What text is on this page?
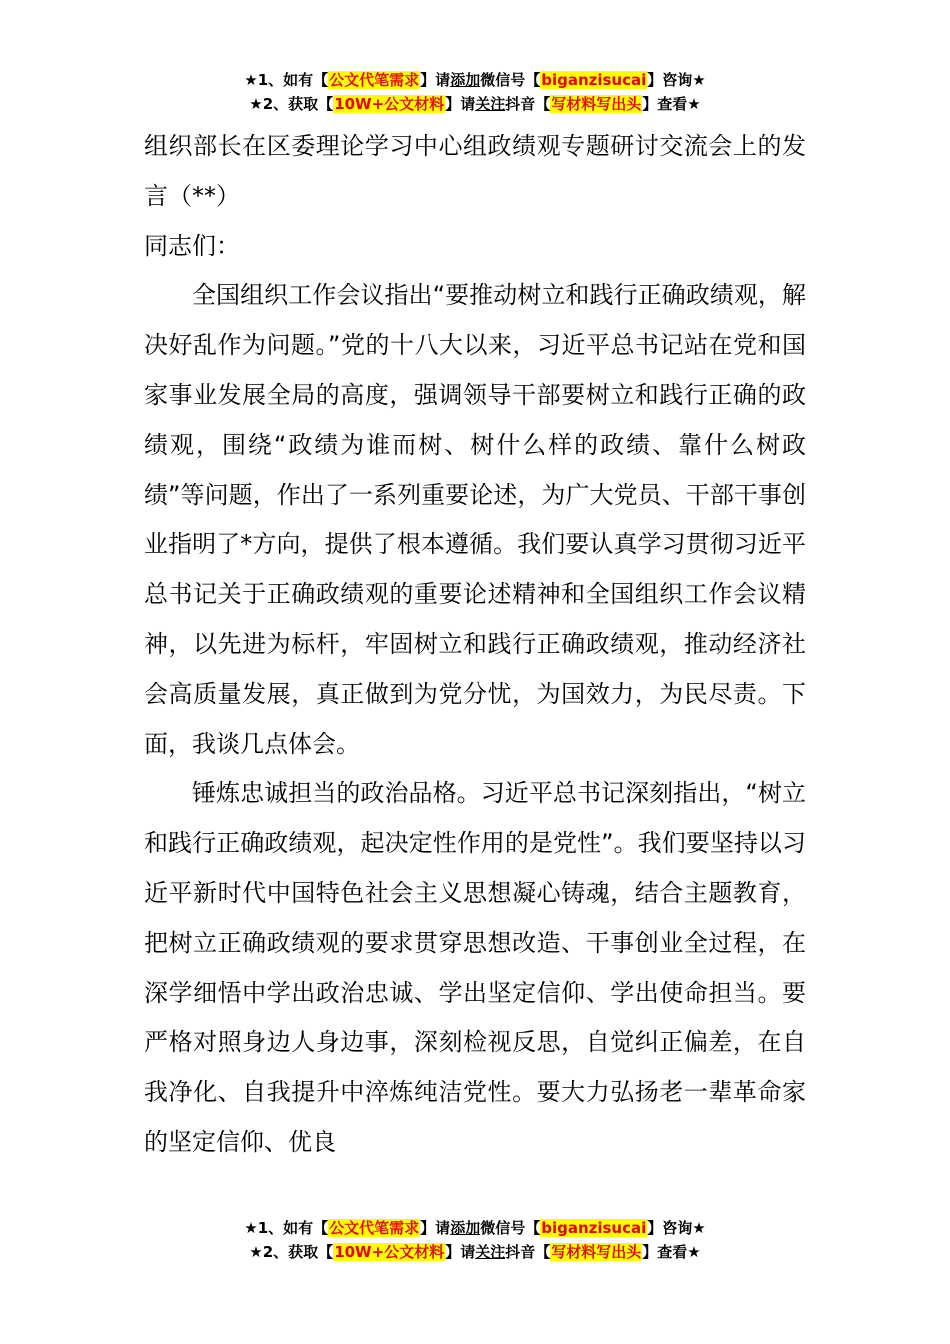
★1、如有【公文代笔需求】请添加微信号【biganzisucai】咨询★
★2、获取【10W+公文材料】请关注抖音【写材料写出头】查看★

组织部长在区委理论学习中心组政绩观专题研讨交流会上的发言（**）

同志们：

全国组织工作会议指出“要推动树立和践行正确政绩观，解决好乱作为问题。”党的十八大以来，习近平总书记站在党和国家事业发展全局的高度，强调领导干部要树立和践行正确的政绩观，围绕“政绩为谁而树、树什么样的政绩、靠什么树政绩”等问题，作出了一系列重要论述，为广大党员、干部干事创业指明了*方向，提供了根本遵循。我们要认真学习贯彻习近平总书记关于正确政绩观的重要论述精神和全国组织工作会议精神，以先进为标杆，牢固树立和践行正确政绩观，推动经济社会高质量发展，真正做到为党分忧，为国效力，为民尽责。下面，我谈几点体会。

锤炼忠诚担当的政治品格。习近平总书记深刻指出，“树立和践行正确政绩观，起决定性作用的是党性”。我们要坚持以习近平新时代中国特色社会主义思想凝心铸魂，结合主题教育，把树立正确政绩观的要求贯穿思想改造、干事创业全过程，在深学细悟中学出政治忠诚、学出坚定信仰、学出使命担当。要严格对照身边人身边事，深刻检视反思，自觉纠正偏差，在自我净化、自我提升中淬炼纯洁党性。要大力弘扬老一辈革命家的坚定信仰、优良

★1、如有【公文代笔需求】请添加微信号【biganzisucai】咨询★
★2、获取【10W+公文材料】请关注抖音【写材料写出头】查看★
